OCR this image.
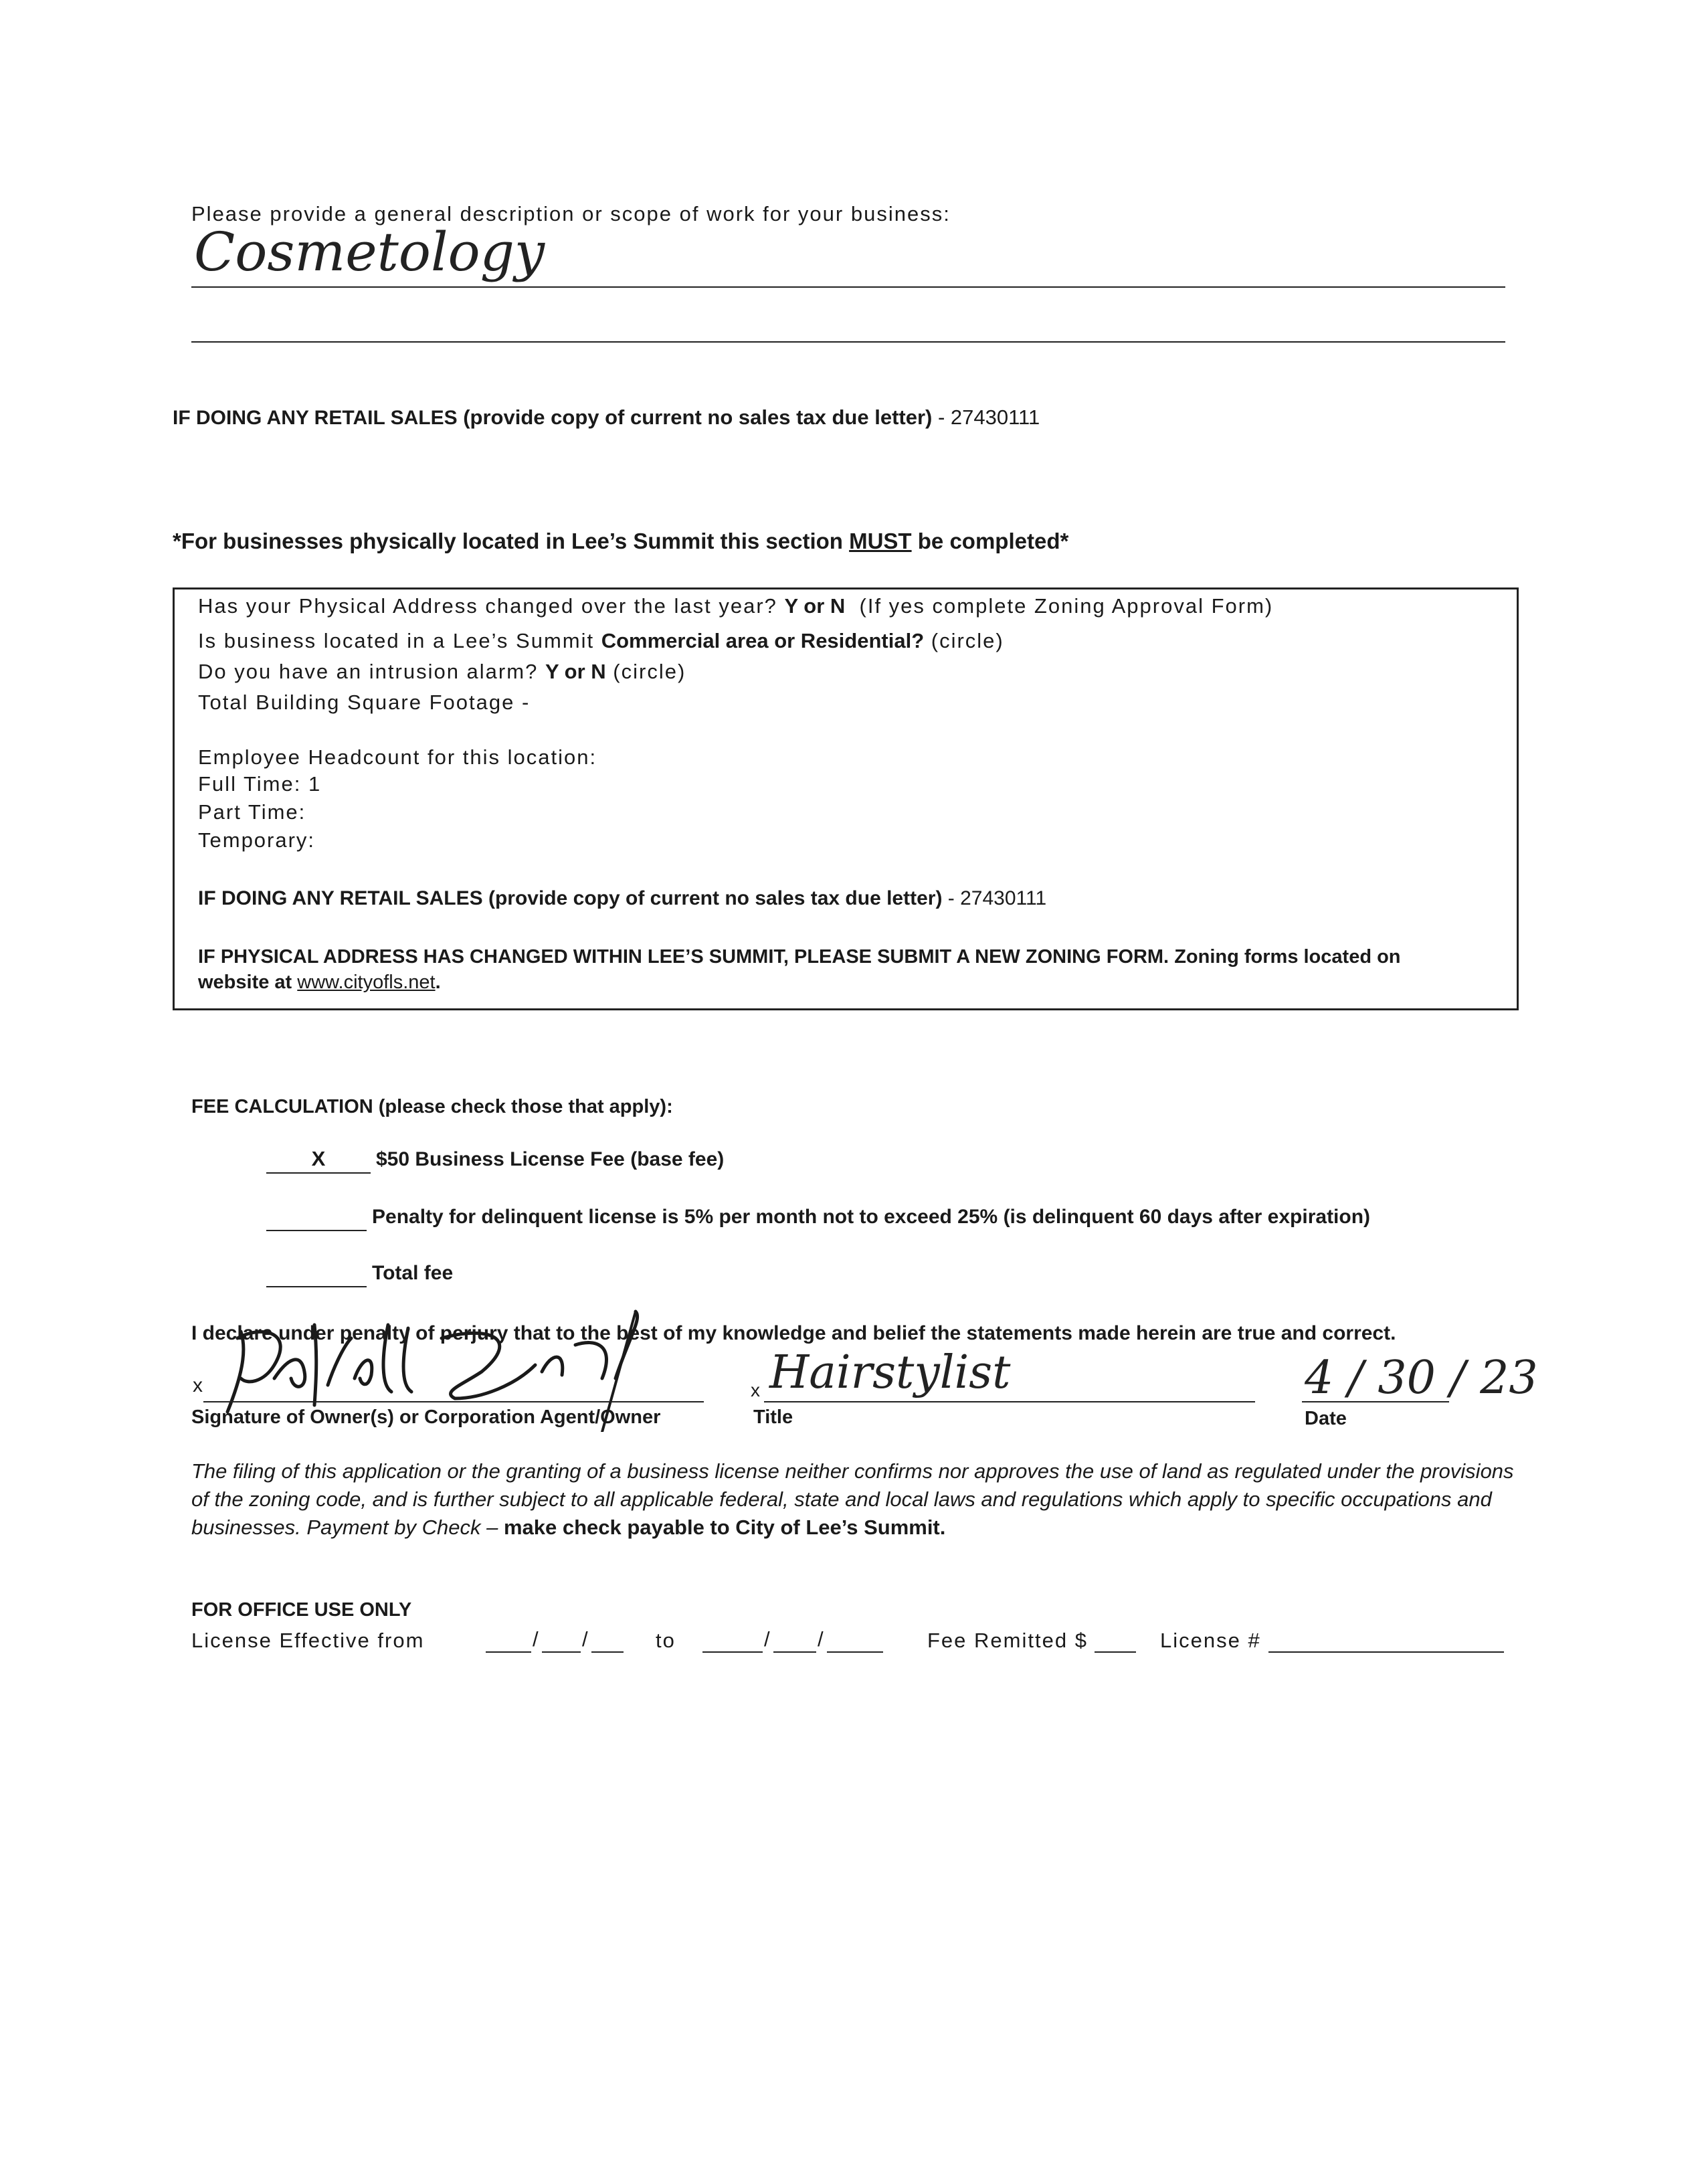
Please provide a general description or scope of work for your business:
Cosmetology
IF DOING ANY RETAIL SALES (provide copy of current no sales tax due letter) - 27430111
*For businesses physically located in Lee’s Summit this section MUST be completed*
Has your Physical Address changed over the last year? Y or N (If yes complete Zoning Approval Form)
Is business located in a Lee’s Summit Commercial area or Residential? (circle)
Do you have an intrusion alarm? Y or N (circle)
Total Building Square Footage -
Employee Headcount for this location:
Full Time: 1
Part Time:
Temporary:
IF DOING ANY RETAIL SALES (provide copy of current no sales tax due letter) - 27430111
IF PHYSICAL ADDRESS HAS CHANGED WITHIN LEE’S SUMMIT, PLEASE SUBMIT A NEW ZONING FORM. Zoning forms located on
website at www.cityofls.net.
FEE CALCULATION (please check those that apply):
X	$50 Business License Fee (base fee)
Penalty for delinquent license is 5% per month not to exceed 25% (is delinquent 60 days after expiration)
Total fee
I declare under penalty of perjury that to the best of my knowledge and belief the statements made herein are true and correct.
x
Signature of Owner(s) or Corporation Agent/Owner
x Hairstylist
Title
4 / 30 / 23
Date
The filing of this application or the granting of a business license neither confirms nor approves the use of land as regulated under the provisions of the zoning code, and is further subject to all applicable federal, state and local laws and regulations which apply to specific occupations and businesses. Payment by Check – make check payable to City of Lee’s Summit.
FOR OFFICE USE ONLY
License Effective from	/ /	to	/ /	Fee Remitted $	License #
